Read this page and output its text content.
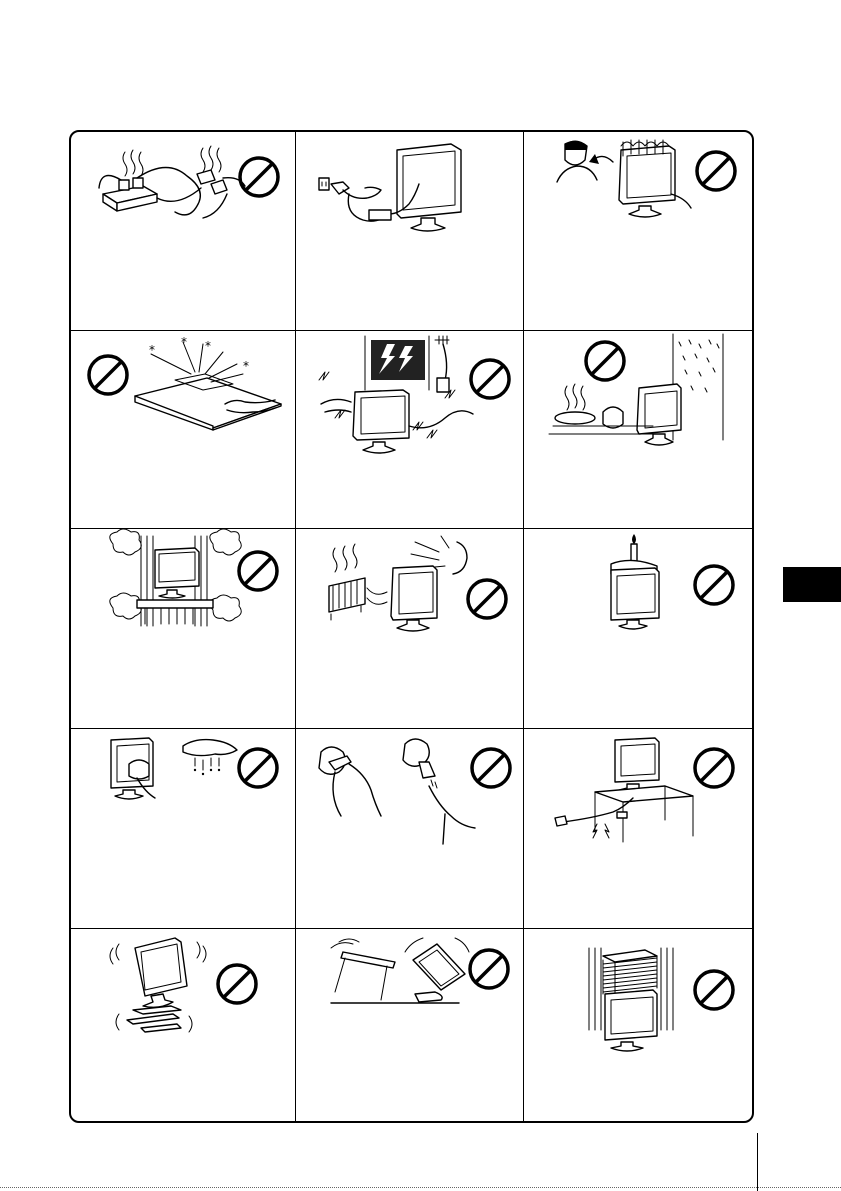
*
* *
*
